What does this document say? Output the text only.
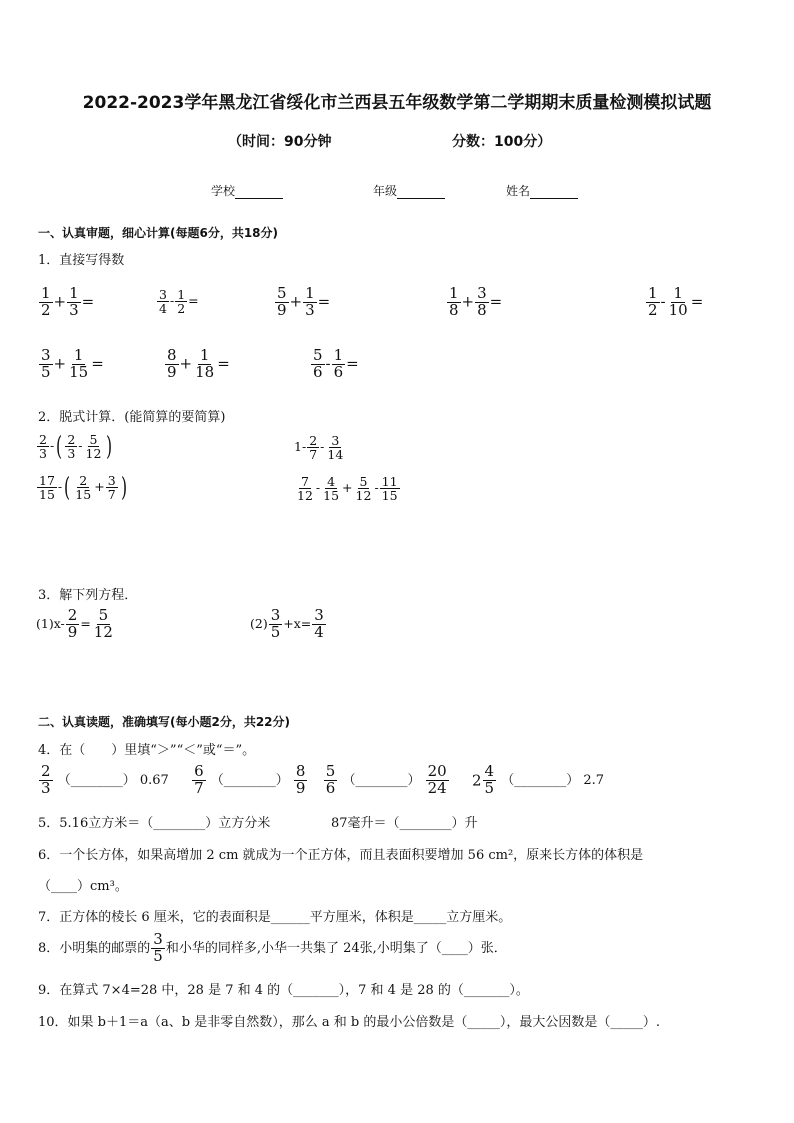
2022-2023学年黑龙江省绥化市兰西县五年级数学第二学期期末质量检测模拟试题
（时间：90分钟	分数：100分）
学校	年级	姓名
一、认真审题，细心计算(每题6分，共18分)
1．直接写得数
$\frac{1}{2} + \frac{1}{3}$ =	$\frac{3}{4} - \frac{1}{2}$ =	$\frac{5}{9} + \frac{1}{3}$ =	$\frac{1}{8} + \frac{3}{8}$ =	$\frac{1}{2} - \frac{1}{10}$ =
$\frac{3}{5} + \frac{1}{15}$ =	$\frac{8}{9} + \frac{1}{18}$ =	$\frac{5}{6} - \frac{1}{6}$ =
2．脱式计算．(能简算的要简算)
$\frac{2}{3}$ -( $\frac{2}{3} - \frac{5}{12}$ )	$1- \frac{2}{7} - \frac{3}{14}$
$\frac{17}{15}$ -( $\frac{2}{15} + \frac{3}{7}$ )	$\frac{7}{12} - \frac{4}{15} + \frac{5}{12} - \frac{11}{15}$
3．解下列方程．
$(1)x- \frac{2}{9} = \frac{5}{12}$	$(2) \frac{3}{5} +x= \frac{3}{4}$
二、认真读题，准确填写(每小题2分，共22分)
4．在（　　）里填“＞”“＜”或“＝”。
$\frac{2}{3}$ （________） $0.67 \frac{6}{7}$ （________） $\frac{8}{9}$
$\frac{5}{6}$ （________） $\frac{20}{24} 2 \frac{4}{5}$ （________） 2.7
5．5.16立方米＝（________）立方分米	87毫升＝（________）升
6．一个长方体，如果高增加 2 cm 就成为一个正方体，而且表面积要增加 56 cm²，原来长方体的体积是
（____）cm³。
7．正方体的棱长 6 厘米，它的表面积是______平方厘米，体积是_____立方厘米。
8．小明集的邮票的 $\frac{3}{5}$ 和小华的同样多,小华一共集了 24张,小明集了（____）张．
9．在算式 7×4=28 中，28 是 7 和 4 的（_______），7 和 4 是 28 的（_______）。
10．如果 b＋1＝a（a、b 是非零自然数），那么 a 和 b 的最小公倍数是（_____），最大公因数是（_____）.
